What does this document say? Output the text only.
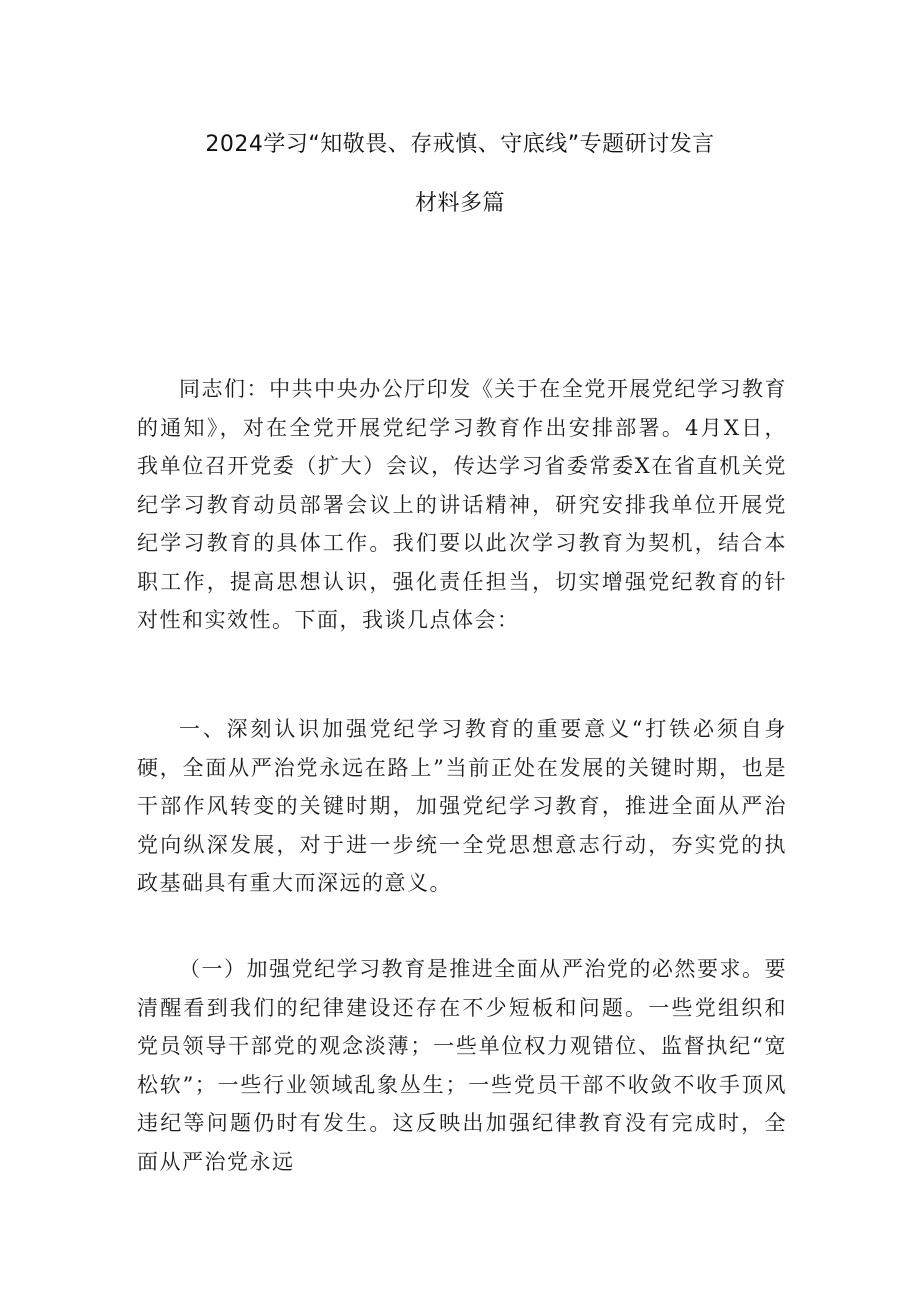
2024学习“知敬畏、存戒慎、守底线”专题研讨发言
材料多篇

同志们：中共中央办公厅印发《关于在全党开展党纪学习教育的通知》，对在全党开展党纪学习教育作出安排部署。4月X日，我单位召开党委（扩大）会议，传达学习省委常委X在省直机关党纪学习教育动员部署会议上的讲话精神，研究安排我单位开展党纪学习教育的具体工作。我们要以此次学习教育为契机，结合本职工作，提高思想认识，强化责任担当，切实增强党纪教育的针对性和实效性。下面，我谈几点体会：

一、深刻认识加强党纪学习教育的重要意义“打铁必须自身硬，全面从严治党永远在路上”当前正处在发展的关键时期，也是干部作风转变的关键时期，加强党纪学习教育，推进全面从严治党向纵深发展，对于进一步统一全党思想意志行动，夯实党的执政基础具有重大而深远的意义。

（一）加强党纪学习教育是推进全面从严治党的必然要求。要清醒看到我们的纪律建设还存在不少短板和问题。一些党组织和党员领导干部党的观念淡薄；一些单位权力观错位、监督执纪“宽松软”；一些行业领域乱象丛生；一些党员干部不收敛不收手顶风违纪等问题仍时有发生。这反映出加强纪律教育没有完成时，全面从严治党永远
